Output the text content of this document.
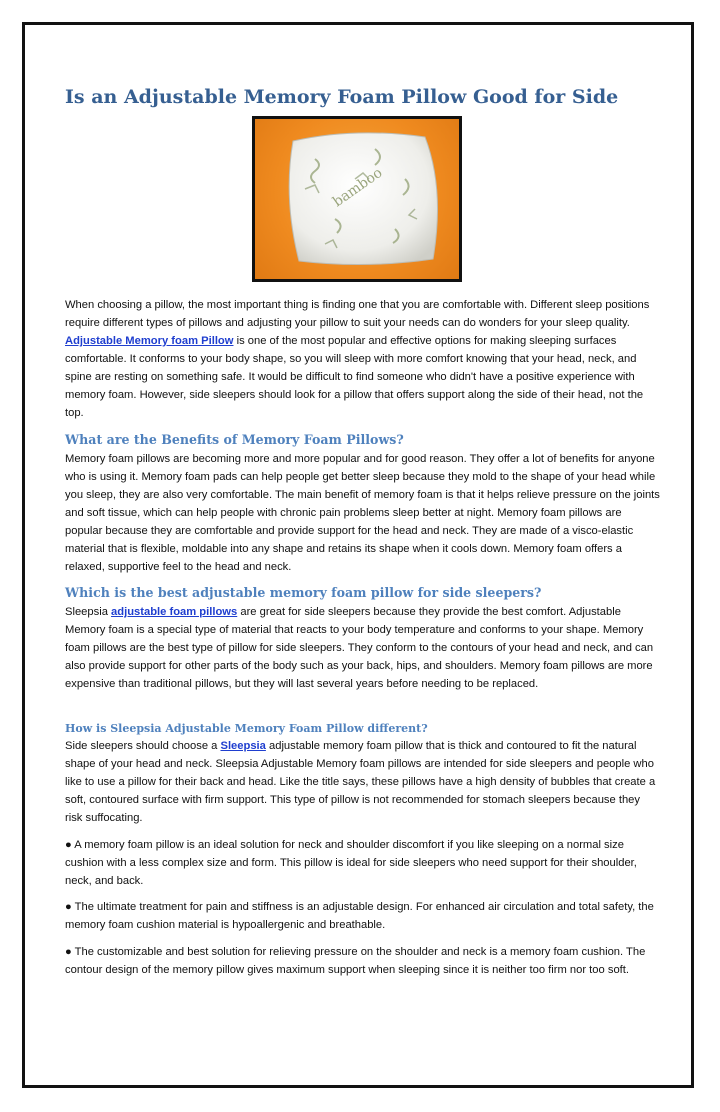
Is an Adjustable Memory Foam Pillow Good for Side
bamboo

When choosing a pillow, the most important thing is finding one that you are comfortable with. Different sleep positions require different types of pillows and adjusting your pillow to suit your needs can do wonders for your sleep quality. Adjustable Memory foam Pillow is one of the most popular and effective options for making sleeping surfaces comfortable. It conforms to your body shape, so you will sleep with more comfort knowing that your head, neck, and spine are resting on something safe. It would be difficult to find someone who didn't have a positive experience with memory foam. However, side sleepers should look for a pillow that offers support along the side of their head, not the top.

What are the Benefits of Memory Foam Pillows?

Memory foam pillows are becoming more and more popular and for good reason. They offer a lot of benefits for anyone who is using it. Memory foam pads can help people get better sleep because they mold to the shape of your head while you sleep, they are also very comfortable. The main benefit of memory foam is that it helps relieve pressure on the joints and soft tissue, which can help people with chronic pain problems sleep better at night. Memory foam pillows are popular because they are comfortable and provide support for the head and neck. They are made of a visco-elastic material that is flexible, moldable into any shape and retains its shape when it cools down. Memory foam offers a relaxed, supportive feel to the head and neck.

Which is the best adjustable memory foam pillow for side sleepers?

Sleepsia adjustable foam pillows are great for side sleepers because they provide the best comfort. Adjustable Memory foam is a special type of material that reacts to your body temperature and conforms to your shape. Memory foam pillows are the best type of pillow for side sleepers. They conform to the contours of your head and neck, and can also provide support for other parts of the body such as your back, hips, and shoulders. Memory foam pillows are more expensive than traditional pillows, but they will last several years before needing to be replaced.

How is Sleepsia Adjustable Memory Foam Pillow different?

Side sleepers should choose a Sleepsia adjustable memory foam pillow that is thick and contoured to fit the natural shape of your head and neck. Sleepsia Adjustable Memory foam pillows are intended for side sleepers and people who like to use a pillow for their back and head. Like the title says, these pillows have a high density of bubbles that create a soft, contoured surface with firm support. This type of pillow is not recommended for stomach sleepers because they risk suffocating.

● A memory foam pillow is an ideal solution for neck and shoulder discomfort if you like sleeping on a normal size cushion with a less complex size and form. This pillow is ideal for side sleepers who need support for their shoulder, neck, and back.

● The ultimate treatment for pain and stiffness is an adjustable design. For enhanced air circulation and total safety, the memory foam cushion material is hypoallergenic and breathable.

● The customizable and best solution for relieving pressure on the shoulder and neck is a memory foam cushion. The contour design of the memory pillow gives maximum support when sleeping since it is neither too firm nor too soft.
